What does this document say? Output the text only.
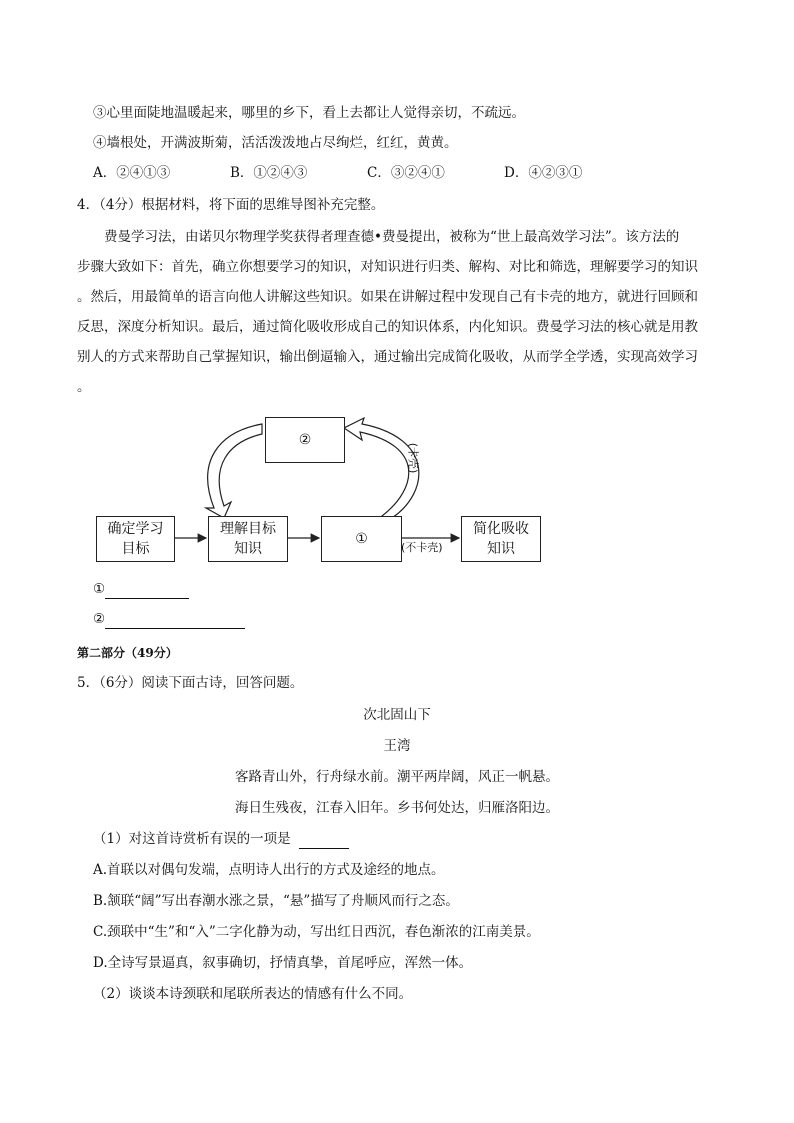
③心里面陡地温暖起来，哪里的乡下，看上去都让人觉得亲切，不疏远。
④墙根处，开满波斯菊，活活泼泼地占尽绚烂，红红，黄黄。
A．②④①③	B．①②④③	C．③②④①	D．④②③①
4．（4分）根据材料，将下面的思维导图补充完整。
费曼学习法，由诺贝尔物理学奖获得者理查德•费曼提出，被称为“世上最高效学习法”。该方法的
步骤大致如下：首先，确立你想要学习的知识，对知识进行归类、解构、对比和筛选，理解要学习的知识
。然后，用最简单的语言向他人讲解这些知识。如果在讲解过程中发现自己有卡壳的地方，就进行回顾和
反思，深度分析知识。最后，通过简化吸收形成自己的知识体系，内化知识。费曼学习法的核心就是用教
别人的方式来帮助自己掌握知识，输出倒逼输入，通过输出完成简化吸收，从而学全学透，实现高效学习
。
②
确定学习
目标
理解目标
知识
①
简化吸收
知识
(卡壳)
(不卡壳)
①
②
第二部分（49分）
5．（6分）阅读下面古诗，回答问题。
次北固山下
王湾
客路青山外，行舟绿水前。潮平两岸阔，风正一帆悬。
海日生残夜，江春入旧年。乡书何处达，归雁洛阳边。
（1）对这首诗赏析有误的一项是
A.首联以对偶句发端，点明诗人出行的方式及途经的地点。
B.颔联“阔”写出春潮水涨之景，“悬”描写了舟顺风而行之态。
C.颈联中“生”和“入”二字化静为动，写出红日西沉，春色渐浓的江南美景。
D.全诗写景逼真，叙事确切，抒情真挚，首尾呼应，浑然一体。
（2）谈谈本诗颈联和尾联所表达的情感有什么不同。
